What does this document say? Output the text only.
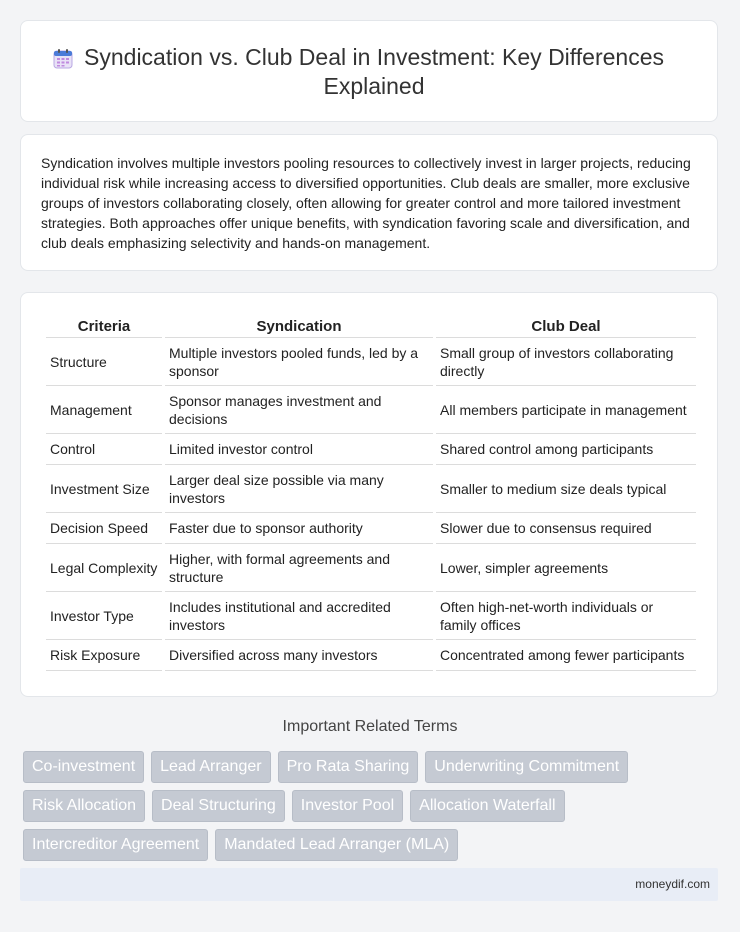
Syndication vs. Club Deal in Investment: Key Differences Explained
Syndication involves multiple investors pooling resources to collectively invest in larger projects, reducing individual risk while increasing access to diversified opportunities. Club deals are smaller, more exclusive groups of investors collaborating closely, often allowing for greater control and more tailored investment strategies. Both approaches offer unique benefits, with syndication favoring scale and diversification, and club deals emphasizing selectivity and hands-on management.
Criteria	Syndication	Club Deal
Structure	Multiple investors pooled funds, led by a sponsor	Small group of investors collaborating directly
Management	Sponsor manages investment and decisions	All members participate in management
Control	Limited investor control	Shared control among participants
Investment Size	Larger deal size possible via many investors	Smaller to medium size deals typical
Decision Speed	Faster due to sponsor authority	Slower due to consensus required
Legal Complexity	Higher, with formal agreements and structure	Lower, simpler agreements
Investor Type	Includes institutional and accredited investors	Often high-net-worth individuals or family offices
Risk Exposure	Diversified across many investors	Concentrated among fewer participants
Important Related Terms
Co-investment	Lead Arranger	Pro Rata Sharing	Underwriting Commitment
Risk Allocation	Deal Structuring	Investor Pool	Allocation Waterfall
Intercreditor Agreement	Mandated Lead Arranger (MLA)
moneydif.com
